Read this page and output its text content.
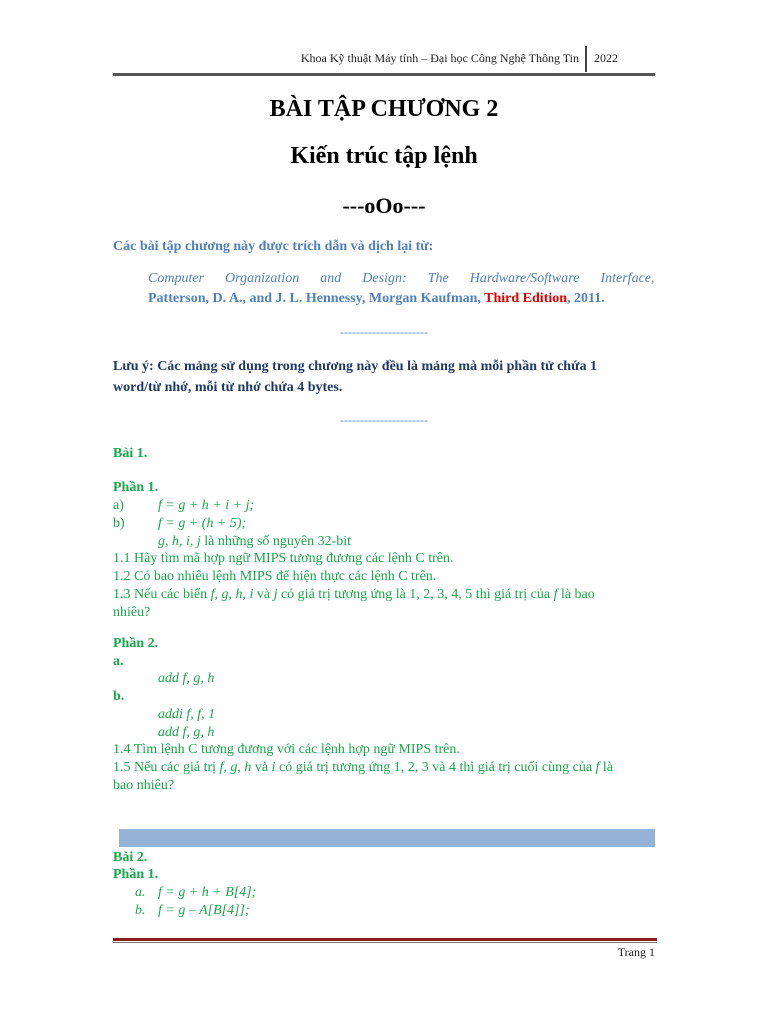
Khoa Kỹ thuật Máy tính – Đại học Công Nghệ Thông Tin 2022
BÀI TẬP CHƯƠNG 2
Kiến trúc tập lệnh
---oOo---
Các bài tập chương này được trích dẫn và dịch lại từ:
Computer Organization and Design: The Hardware/Software Interface,
Patterson, D. A., and J. L. Hennessy, Morgan Kaufman, Third Edition, 2011.
----------------------
Lưu ý: Các mảng sử dụng trong chương này đều là mảng mà mỗi phần tử chứa 1
word/từ nhớ, mỗi từ nhớ chứa 4 bytes.
----------------------
Bài 1.
Phần 1.
a) f = g + h + i + j;
b) f = g + (h + 5);
g, h, i, j là những số nguyên 32-bit
1.1 Hãy tìm mã hợp ngữ MIPS tương đương các lệnh C trên.
1.2 Có bao nhiêu lệnh MIPS để hiện thực các lệnh C trên.
1.3 Nếu các biến f, g, h, i và j có giá trị tương ứng là 1, 2, 3, 4, 5 thì giá trị của f là bao
nhiêu?
Phần 2.
a.
add f, g, h
b.
addi f, f, 1
add f, g, h
1.4 Tìm lệnh C tương đương với các lệnh hợp ngữ MIPS trên.
1.5 Nếu các giá trị f, g, h và i có giá trị tương ứng 1, 2, 3 và 4 thì giá trị cuối cùng của f là
bao nhiêu?
Bài 2.
Phần 1.
a. f = g + h + B[4];
b. f = g – A[B[4]];
Trang 1
